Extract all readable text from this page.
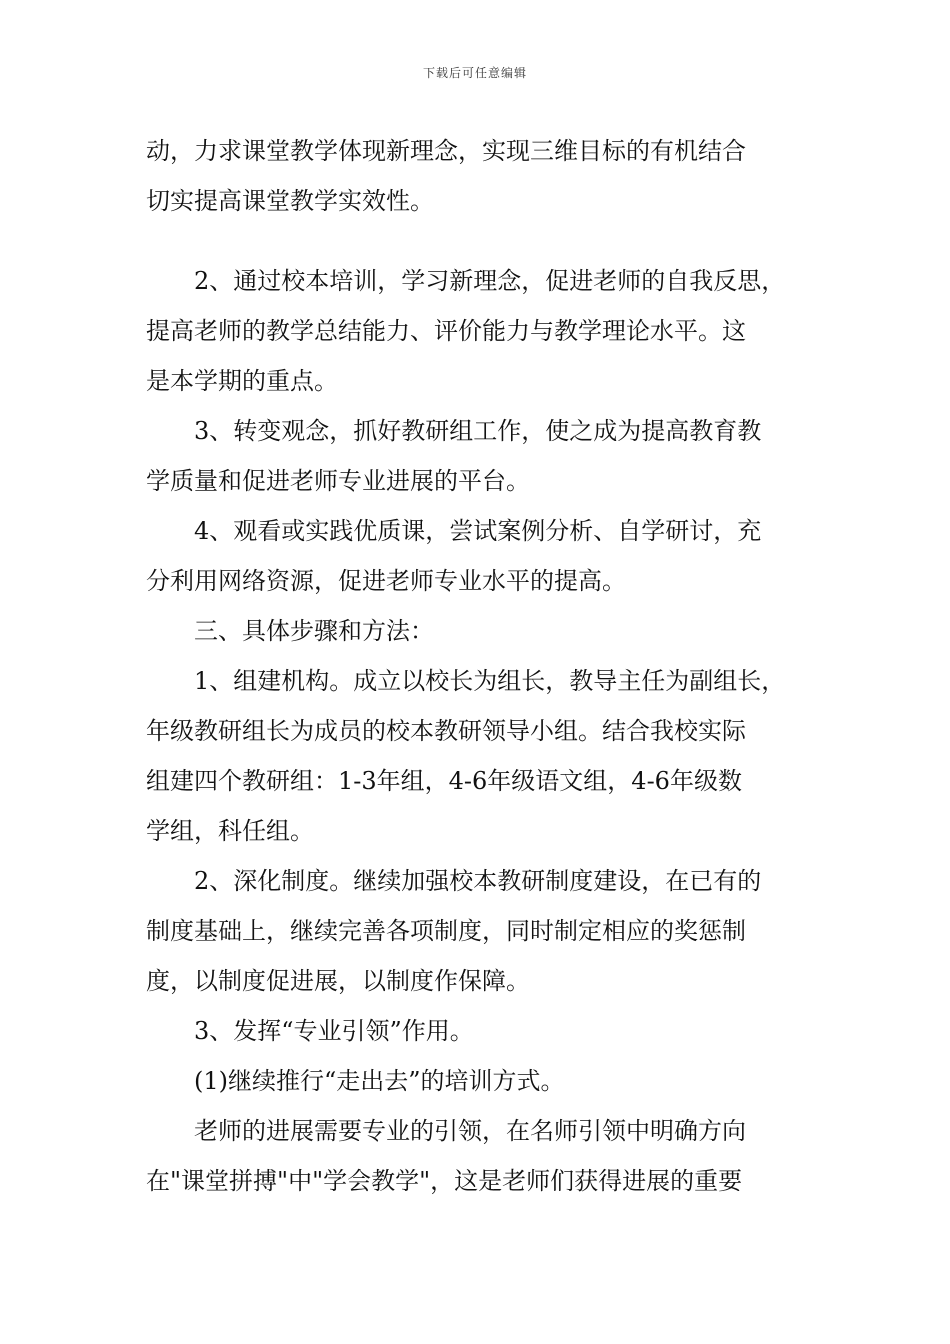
下载后可任意编辑
动，力求课堂教学体现新理念，实现三维目标的有机结合
切实提高课堂教学实效性。
2、通过校本培训，学习新理念，促进老师的自我反思，
提高老师的教学总结能力、评价能力与教学理论水平。这
是本学期的重点。
3、转变观念，抓好教研组工作，使之成为提高教育教
学质量和促进老师专业进展的平台。
4、观看或实践优质课，尝试案例分析、自学研讨，充
分利用网络资源，促进老师专业水平的提高。
三、具体步骤和方法：
1、组建机构。成立以校长为组长，教导主任为副组长，
年级教研组长为成员的校本教研领导小组。结合我校实际
组建四个教研组：1-3年组，4-6年级语文组，4-6年级数
学组，科任组。
2、深化制度。继续加强校本教研制度建设，在已有的
制度基础上，继续完善各项制度，同时制定相应的奖惩制
度，以制度促进展，以制度作保障。
3、发挥“专业引领”作用。
(1)继续推行“走出去”的培训方式。
老师的进展需要专业的引领，在名师引领中明确方向
在"课堂拼搏"中"学会教学"，这是老师们获得进展的重要
